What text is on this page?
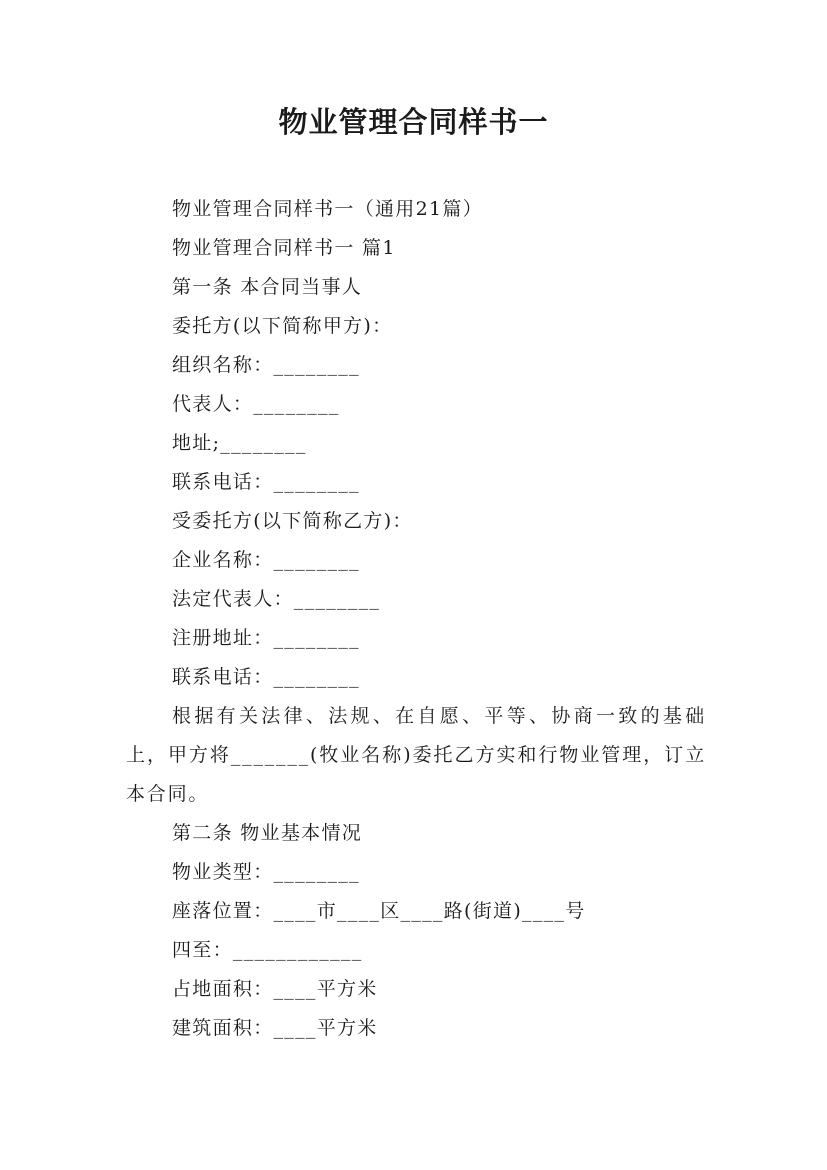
物业管理合同样书一

物业管理合同样书一（通用21篇）

物业管理合同样书一 篇1

第一条 本合同当事人

委托方(以下简称甲方)：

组织名称：________

代表人：________

地址;________

联系电话：________

受委托方(以下简称乙方)：

企业名称：________

法定代表人：________

注册地址：________

联系电话：________

根据有关法律、法规、在自愿、平等、协商一致的基础上，甲方将_______(牧业名称)委托乙方实和行物业管理，订立本合同。

第二条 物业基本情况

物业类型：________

座落位置：____市____区____路(街道)____号

四至：____________

占地面积：____平方米

建筑面积：____平方米
